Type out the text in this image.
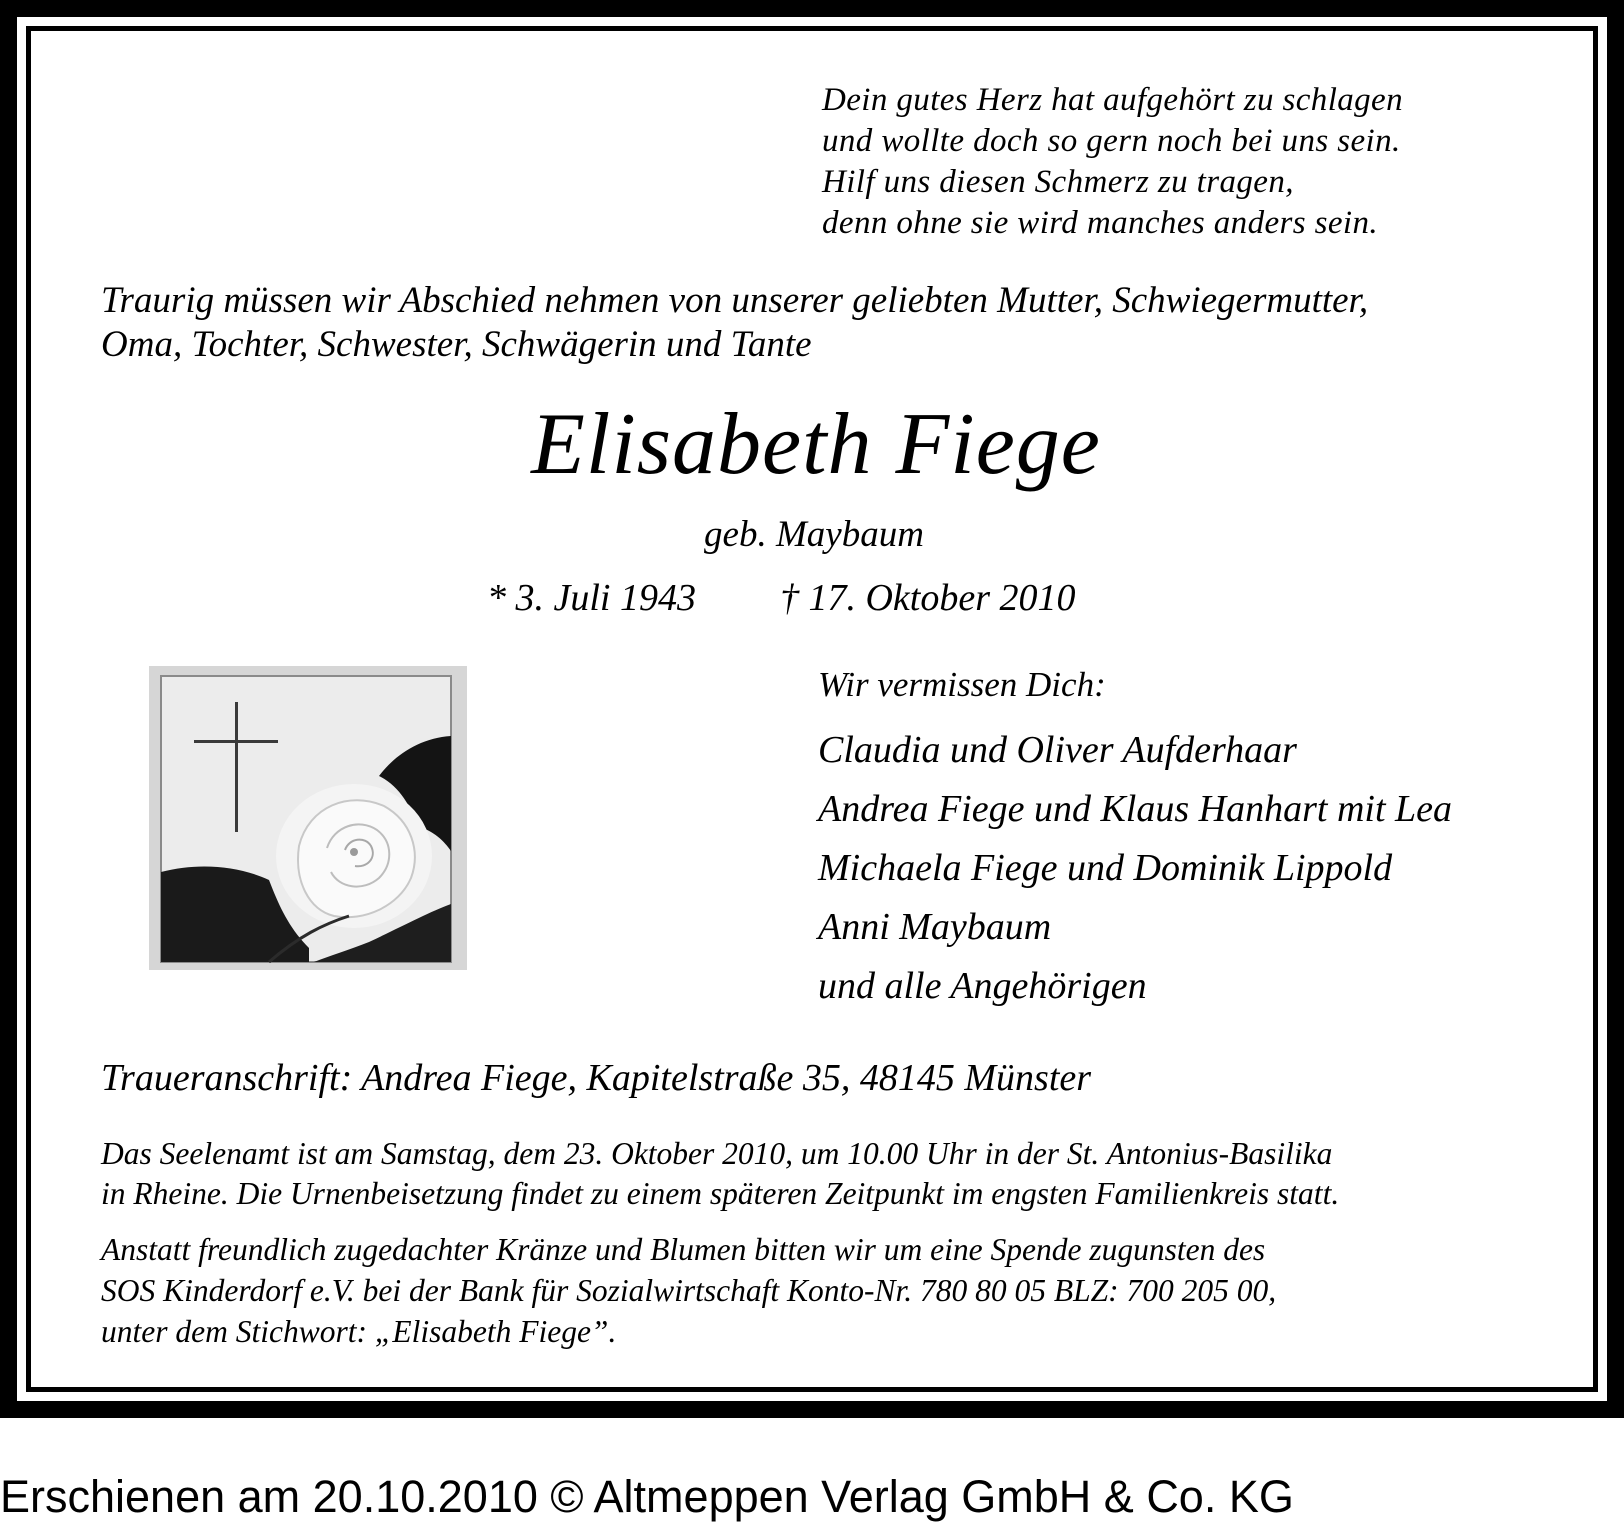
Dein gutes Herz hat aufgehört zu schlagen
und wollte doch so gern noch bei uns sein.
Hilf uns diesen Schmerz zu tragen,
denn ohne sie wird manches anders sein.
Traurig müssen wir Abschied nehmen von unserer geliebten Mutter, Schwiegermutter,
Oma, Tochter, Schwester, Schwägerin und Tante
Elisabeth Fiege
geb. Maybaum
* 3. Juli 1943 † 17. Oktober 2010
Wir vermissen Dich:
Claudia und Oliver Aufderhaar
Andrea Fiege und Klaus Hanhart mit Lea
Michaela Fiege und Dominik Lippold
Anni Maybaum
und alle Angehörigen
Traueranschrift: Andrea Fiege, Kapitelstraße 35, 48145 Münster
Das Seelenamt ist am Samstag, dem 23. Oktober 2010, um 10.00 Uhr in der St. Antonius-Basilika
in Rheine. Die Urnenbeisetzung findet zu einem späteren Zeitpunkt im engsten Familienkreis statt.
Anstatt freundlich zugedachter Kränze und Blumen bitten wir um eine Spende zugunsten des
SOS Kinderdorf e.V. bei der Bank für Sozialwirtschaft Konto-Nr. 780 80 05 BLZ: 700 205 00,
unter dem Stichwort: „Elisabeth Fiege”.
Erschienen am 20.10.2010 © Altmeppen Verlag GmbH & Co. KG
